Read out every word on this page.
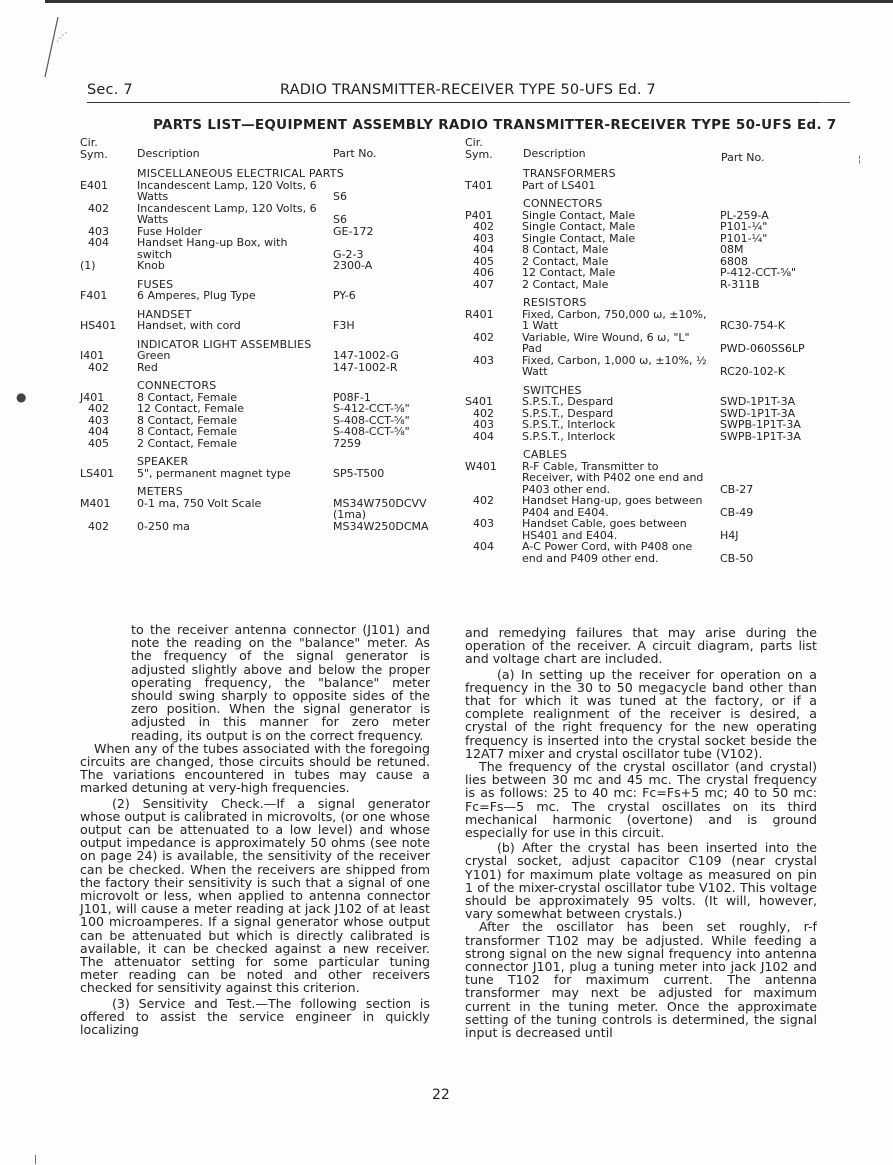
Sec. 7	RADIO TRANSMITTER-RECEIVER TYPE 50-UFS Ed. 7
PARTS LIST—EQUIPMENT ASSEMBLY RADIO TRANSMITTER-RECEIVER TYPE 50-UFS Ed. 7
Cir.
Sym.	Description	Part No.
MISCELLANEOUS ELECTRICAL PARTS
E401	Incandescent Lamp, 120 Volts, 6 Watts	S6
402	Incandescent Lamp, 120 Volts, 6 Watts	S6
403	Fuse Holder	GE-172
404	Handset Hang-up Box, with switch	G-2-3
(1)	Knob	2300-A
FUSES
F401	6 Amperes, Plug Type	PY-6
HANDSET
HS401	Handset, with cord	F3H
INDICATOR LIGHT ASSEMBLIES
I401	Green	147-1002-G
402	Red	147-1002-R
CONNECTORS
J401	8 Contact, Female	P08F-1
402	12 Contact, Female	S-412-CCT-⅝"
403	8 Contact, Female	S-408-CCT-⅝"
404	8 Contact, Female	S-408-CCT-⅝"
405	2 Contact, Female	7259
SPEAKER
LS401	5", permanent magnet type	SP5-T500
METERS
M401	0-1 ma, 750 Volt Scale	MS34W750DCVV (1ma)
402	0-250 ma	MS34W250DCMA
Cir.
Sym.	Description	Part No.
TRANSFORMERS
T401	Part of LS401
CONNECTORS
P401	Single Contact, Male	PL-259-A
402	Single Contact, Male	P101-¼"
403	Single Contact, Male	P101-¼"
404	8 Contact, Male	08M
405	2 Contact, Male	6808
406	12 Contact, Male	P-412-CCT-⅝"
407	2 Contact, Male	R-311B
RESISTORS
R401	Fixed, Carbon, 750,000 ω, ±10%, 1 Watt	RC30-754-K
402	Variable, Wire Wound, 6 ω, "L" Pad	PWD-060SS6LP
403	Fixed, Carbon, 1,000 ω, ±10%, ½ Watt	RC20-102-K
SWITCHES
S401	S.P.S.T., Despard	SWD-1P1T-3A
402	S.P.S.T., Despard	SWD-1P1T-3A
403	S.P.S.T., Interlock	SWPB-1P1T-3A
404	S.P.S.T., Interlock	SWPB-1P1T-3A
CABLES
W401	R-F Cable, Transmitter to Receiver, with P402 one end and P403 other end.	CB-27
402	Handset Hang-up, goes between P404 and E404.	CB-49
403	Handset Cable, goes between HS401 and E404.	H4J
404	A-C Power Cord, with P408 one end and P409 other end.	CB-50

to the receiver antenna connector (J101) and note the reading on the "balance" meter. As the frequency of the signal generator is adjusted slightly above and below the proper operating frequency, the "balance" meter should swing sharply to opposite sides of the zero position. When the signal generator is adjusted in this manner for zero meter reading, its output is on the correct frequency.

When any of the tubes associated with the foregoing circuits are changed, those circuits should be retuned. The variations encountered in tubes may cause a marked detuning at very-high frequencies.

(2) Sensitivity Check.—If a signal generator whose output is calibrated in microvolts, (or one whose output can be attenuated to a low level) and whose output impedance is approximately 50 ohms (see note on page 24) is available, the sensitivity of the receiver can be checked. When the receivers are shipped from the factory their sensitivity is such that a signal of one microvolt or less, when applied to antenna connector J101, will cause a meter reading at jack J102 of at least 100 microamperes. If a signal generator whose output can be attenuated but which is directly calibrated is available, it can be checked against a new receiver. The attenuator setting for some particular tuning meter reading can be noted and other receivers checked for sensitivity against this criterion.

(3) Service and Test.—The following section is offered to assist the service engineer in quickly localizing

and remedying failures that may arise during the operation of the receiver. A circuit diagram, parts list and voltage chart are included.

(a) In setting up the receiver for operation on a frequency in the 30 to 50 megacycle band other than that for which it was tuned at the factory, or if a complete realignment of the receiver is desired, a crystal of the right frequency for the new operating frequency is inserted into the crystal socket beside the 12AT7 mixer and crystal oscillator tube (V102).

The frequency of the crystal oscillator (and crystal) lies between 30 mc and 45 mc. The crystal frequency is as follows: 25 to 40 mc: Fc=Fs+5 mc; 40 to 50 mc: Fc=Fs—5 mc. The crystal oscillates on its third mechanical harmonic (overtone) and is ground especially for use in this circuit.

(b) After the crystal has been inserted into the crystal socket, adjust capacitor C109 (near crystal Y101) for maximum plate voltage as measured on pin 1 of the mixer-crystal oscillator tube V102. This voltage should be approximately 95 volts. (It will, however, vary somewhat between crystals.)

After the oscillator has been set roughly, r-f transformer T102 may be adjusted. While feeding a strong signal on the new signal frequency into antenna connector J101, plug a tuning meter into jack J102 and tune T102 for maximum current. The antenna transformer may next be adjusted for maximum current in the tuning meter. Once the approximate setting of the tuning controls is determined, the signal input is decreased until

22
●
¦
|
